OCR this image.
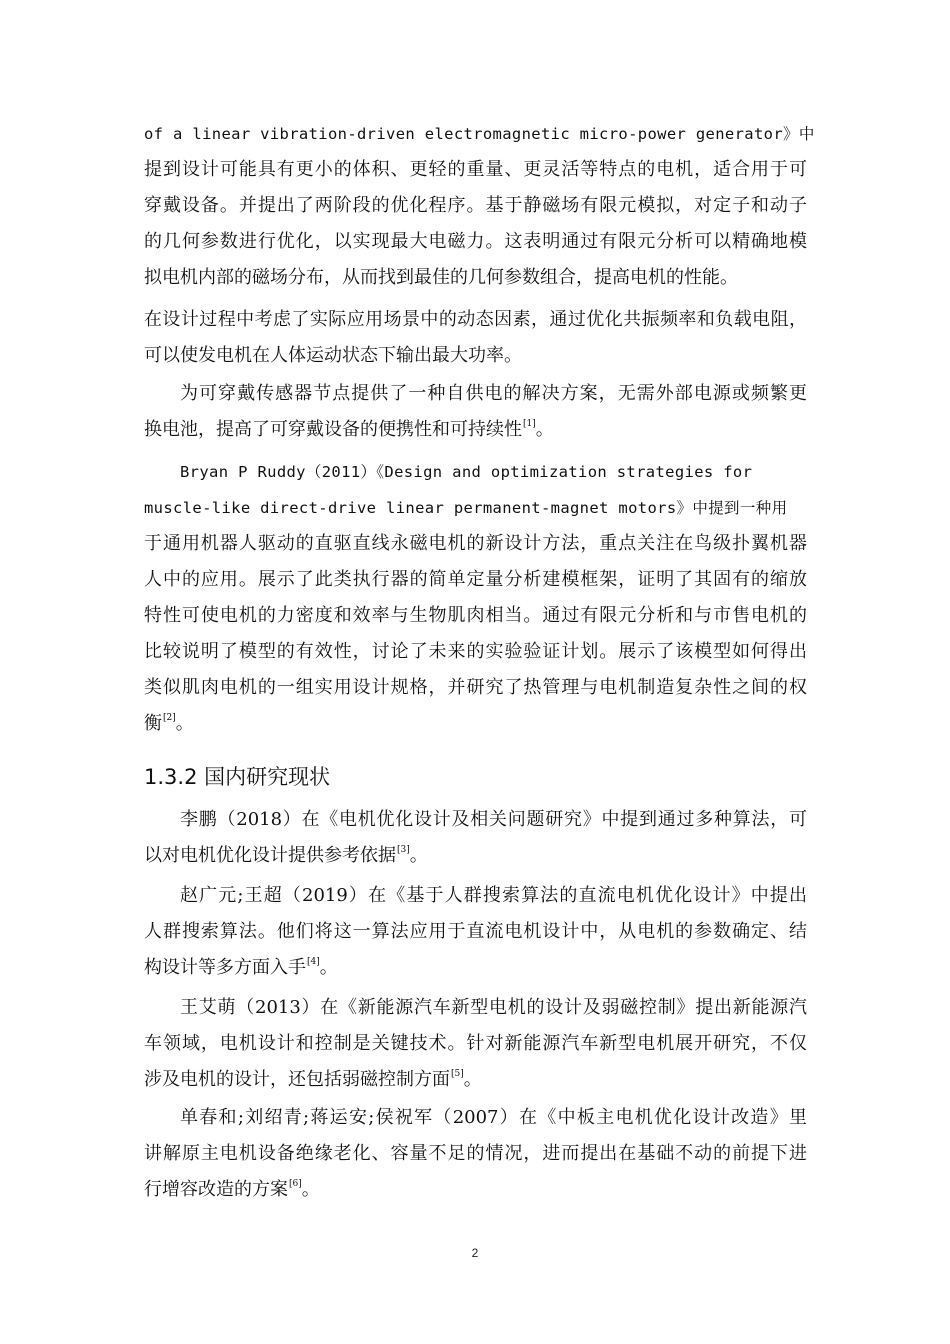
of a linear vibration-driven electromagnetic micro-power generator》中
提到设计可能具有更小的体积、更轻的重量、更灵活等特点的电机，适合用于可
穿戴设备。并提出了两阶段的优化程序。基于静磁场有限元模拟，对定子和动子
的几何参数进行优化，以实现最大电磁力。这表明通过有限元分析可以精确地模
拟电机内部的磁场分布，从而找到最佳的几何参数组合，提高电机的性能。
在设计过程中考虑了实际应用场景中的动态因素，通过优化共振频率和负载电阻，
可以使发电机在人体运动状态下输出最大功率。
为可穿戴传感器节点提供了一种自供电的解决方案，无需外部电源或频繁更
换电池，提高了可穿戴设备的便携性和可持续性[1]。
Bryan P Ruddy（2011）《Design and optimization strategies for
muscle-like direct-drive linear permanent-magnet motors》中提到一种用
于通用机器人驱动的直驱直线永磁电机的新设计方法，重点关注在鸟级扑翼机器
人中的应用。展示了此类执行器的简单定量分析建模框架，证明了其固有的缩放
特性可使电机的力密度和效率与生物肌肉相当。通过有限元分析和与市售电机的
比较说明了模型的有效性，讨论了未来的实验验证计划。展示了该模型如何得出
类似肌肉电机的一组实用设计规格，并研究了热管理与电机制造复杂性之间的权
衡[2]。
1.3.2 国内研究现状
李鹏（2018）在《电机优化设计及相关问题研究》中提到通过多种算法，可
以对电机优化设计提供参考依据[3]。
赵广元;王超（2019）在《基于人群搜索算法的直流电机优化设计》中提出
人群搜索算法。他们将这一算法应用于直流电机设计中，从电机的参数确定、结
构设计等多方面入手[4]。
王艾萌（2013）在《新能源汽车新型电机的设计及弱磁控制》提出新能源汽
车领域，电机设计和控制是关键技术。针对新能源汽车新型电机展开研究，不仅
涉及电机的设计，还包括弱磁控制方面[5]。
单春和;刘绍青;蒋运安;侯祝军（2007）在《中板主电机优化设计改造》里
讲解原主电机设备绝缘老化、容量不足的情况，进而提出在基础不动的前提下进
行增容改造的方案[6]。
2
